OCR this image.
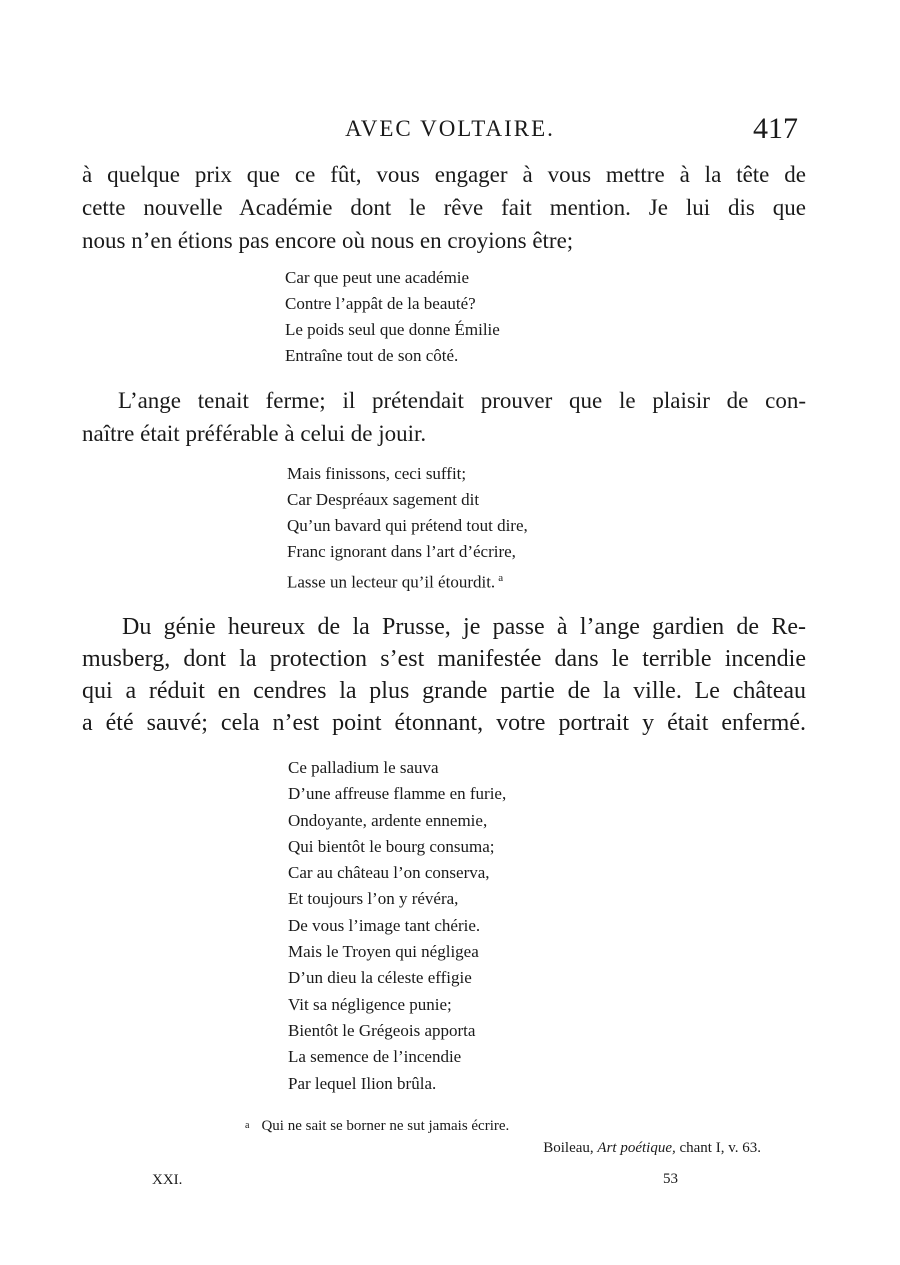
AVEC VOLTAIRE.	417

à quelque prix que ce fût, vous engager à vous mettre à la tête de
cette nouvelle Académie dont le rêve fait mention. Je lui dis que
nous n’en étions pas encore où nous en croyions être;

Car que peut une académie
Contre l’appât de la beauté?
Le poids seul que donne Émilie
Entraîne tout de son côté.

L’ange tenait ferme; il prétendait prouver que le plaisir de con-
naître était préférable à celui de jouir.

Mais finissons, ceci suffit;
Car Despréaux sagement dit
Qu’un bavard qui prétend tout dire,
Franc ignorant dans l’art d’écrire,
Lasse un lecteur qu’il étourdit. $^a$

Du génie heureux de la Prusse, je passe à l’ange gardien de Re-
musberg, dont la protection s’est manifestée dans le terrible incendie
qui a réduit en cendres la plus grande partie de la ville. Le château
a été sauvé; cela n’est point étonnant, votre portrait y était enfermé.

Ce palladium le sauva
D’une affreuse flamme en furie,
Ondoyante, ardente ennemie,
Qui bientôt le bourg consuma;
Car au château l’on conserva,
Et toujours l’on y révéra,
De vous l’image tant chérie.
Mais le Troyen qui négligea
D’un dieu la céleste effigie
Vit sa négligence punie;
Bientôt le Grégeois apporta
La semence de l’incendie
Par lequel Ilion brûla.
a Qui ne sait se borner ne sut jamais écrire.
Boileau, Art poétique, chant I, v. 63.
XXI.	53
